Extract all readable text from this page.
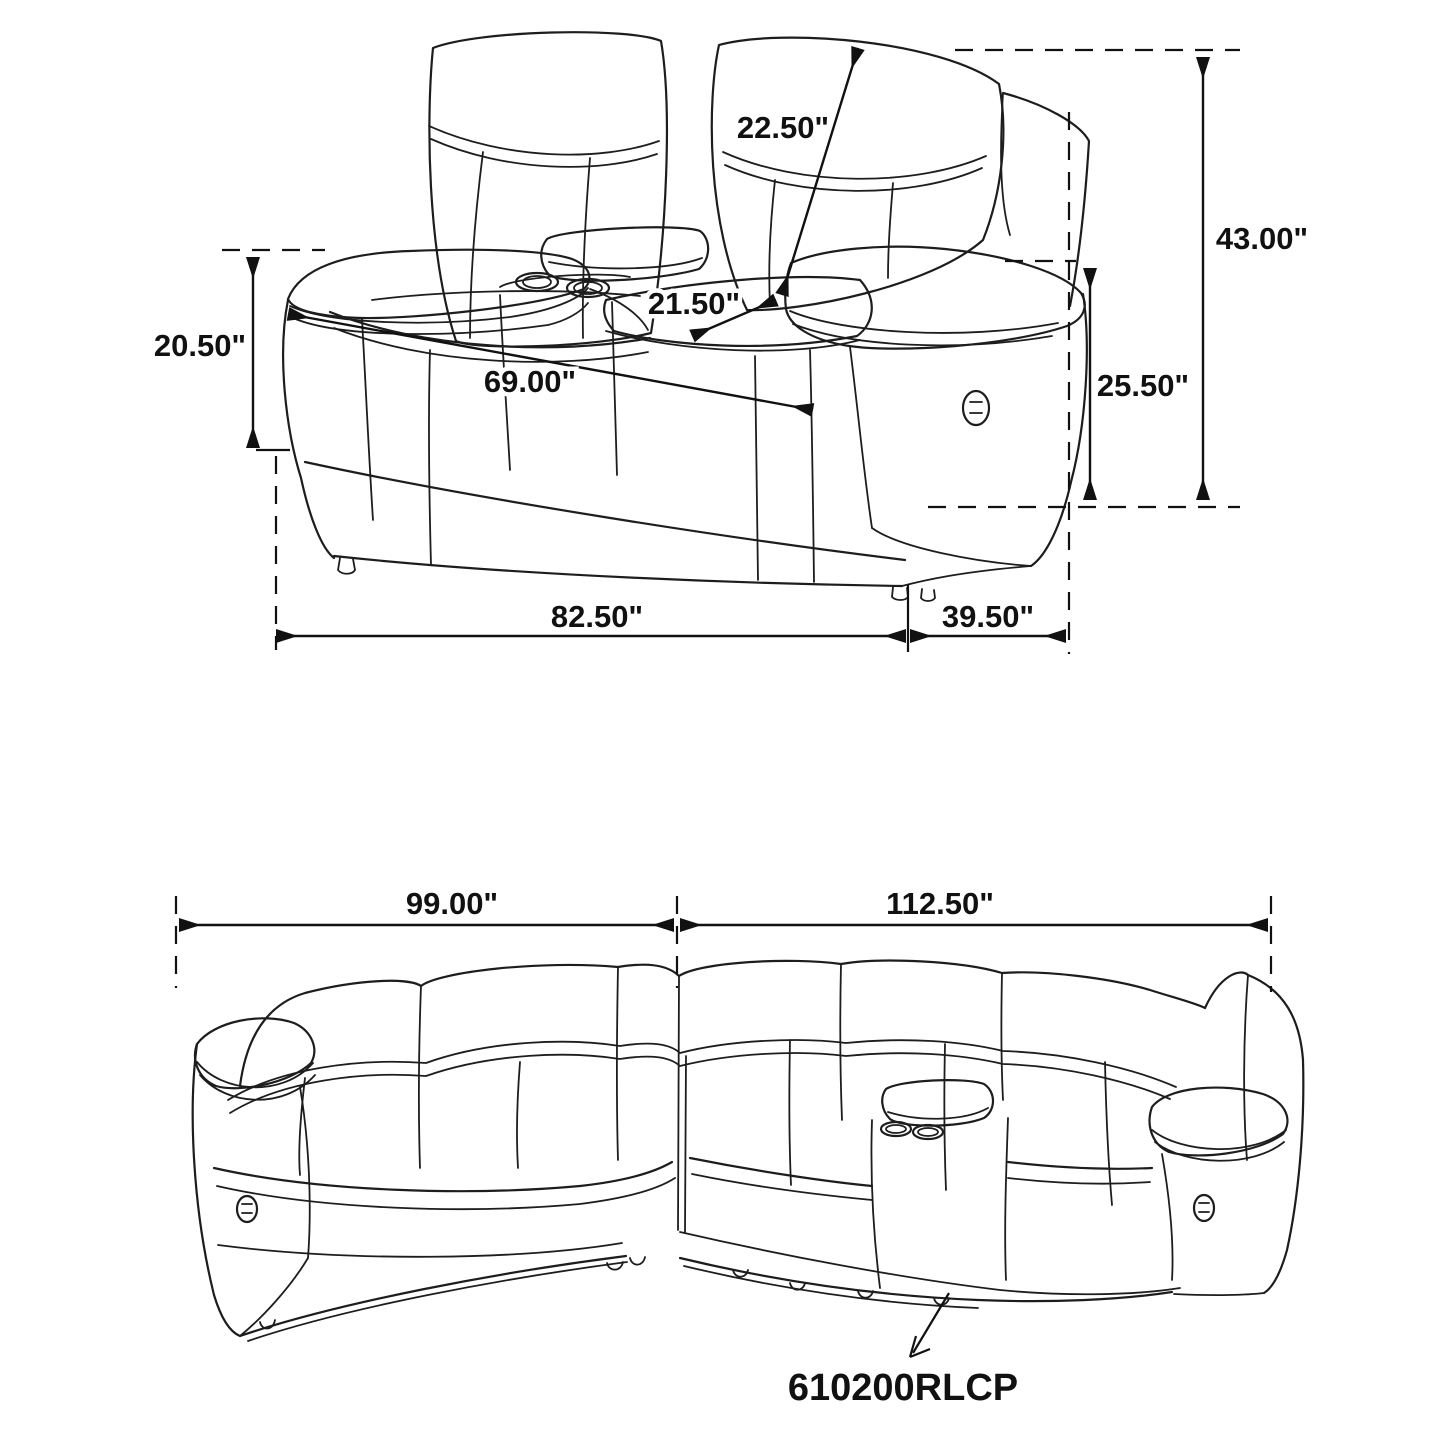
22.50"
21.50"
69.00"
20.50"
43.00"
25.50"
82.50"	39.50"
99.00"	112.50"
610200RLCP
